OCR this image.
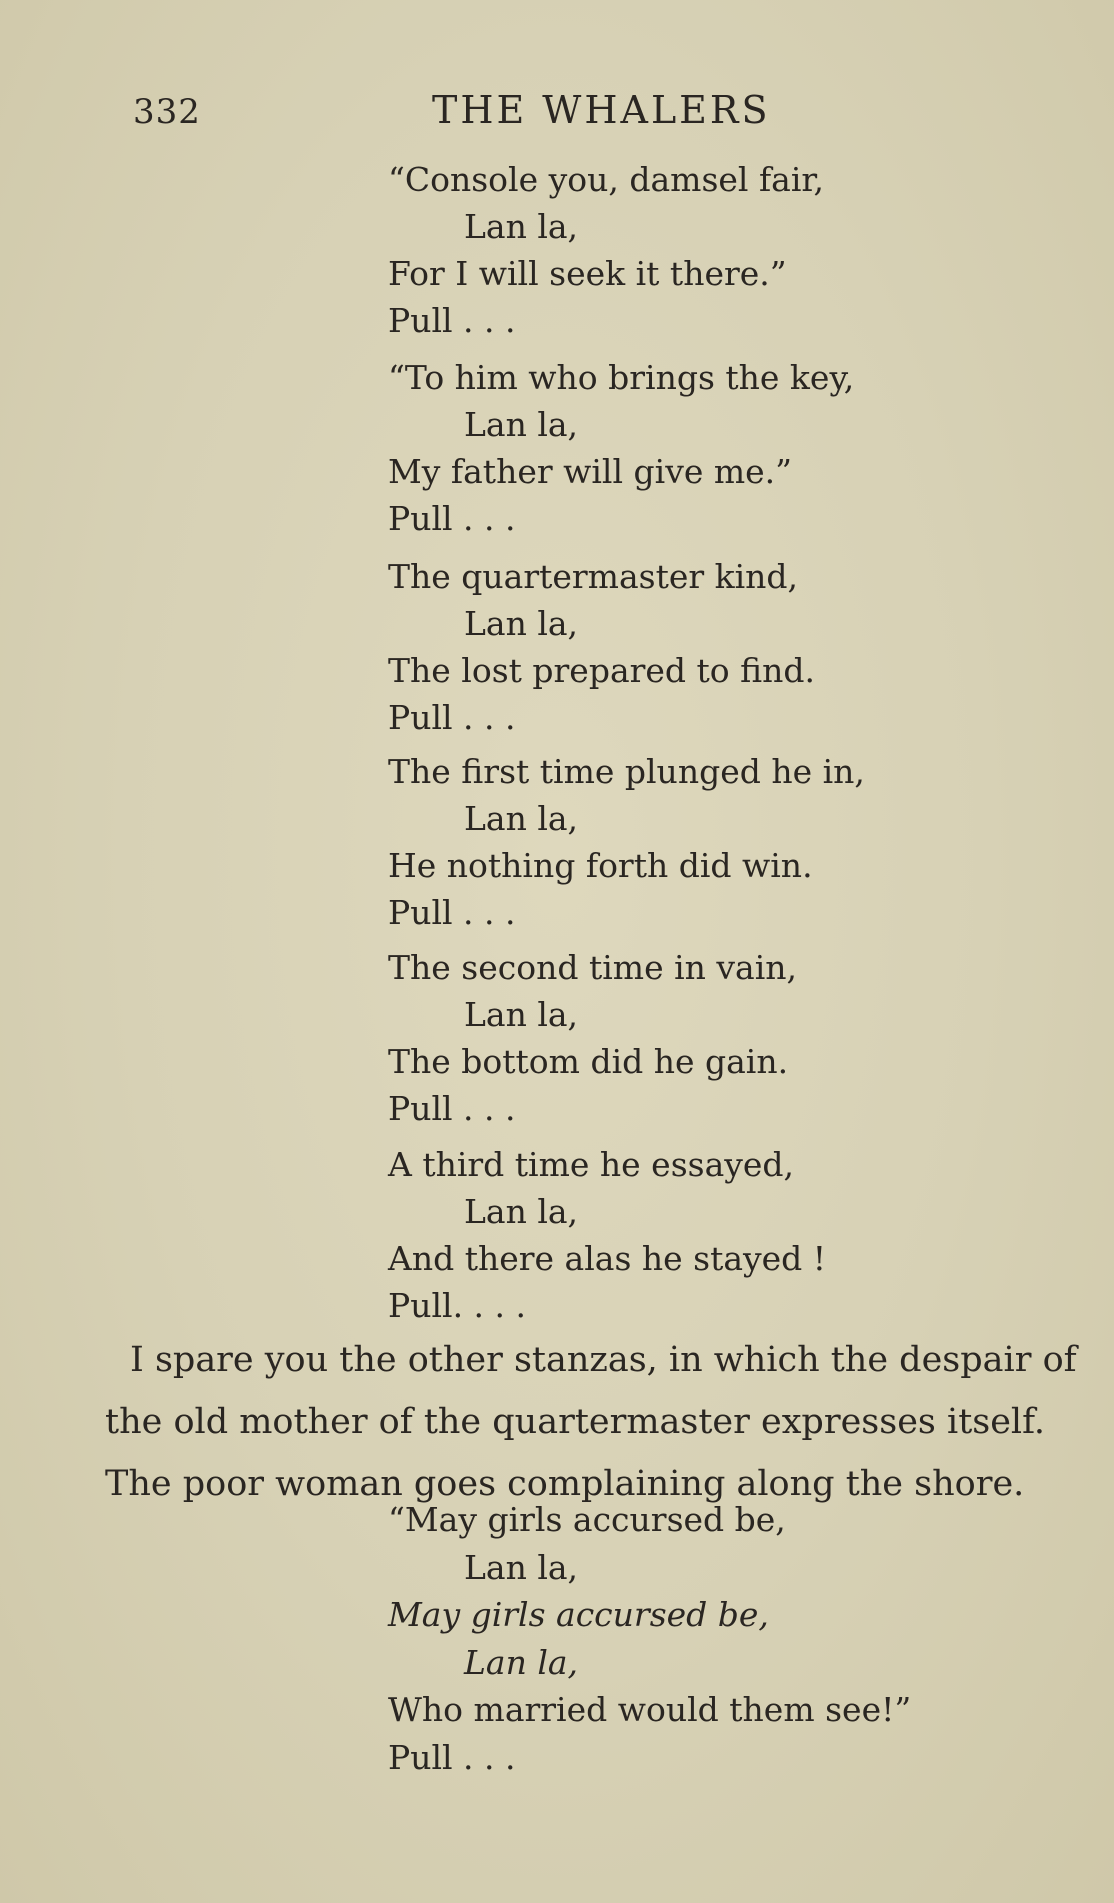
332	THE WHALERS
“Console you, damsel fair,
Lan la,
For I will seek it there.”
Pull . . .
“To him who brings the key,
Lan la,
My father will give me.”
Pull . . .
The quartermaster kind,
Lan la,
The lost prepared to find.
Pull . . .
The first time plunged he in,
Lan la,
He nothing forth did win.
Pull . . .
The second time in vain,
Lan la,
The bottom did he gain.
Pull . . .
A third time he essayed,
Lan la,
And there alas he stayed !
Pull. . . .
I spare you the other stanzas, in which the despair of
the old mother of the quartermaster expresses itself.
The poor woman goes complaining along the shore.
“May girls accursed be,
Lan la,
May girls accursed be,
Lan la,
Who married would them see!”
Pull . . .
